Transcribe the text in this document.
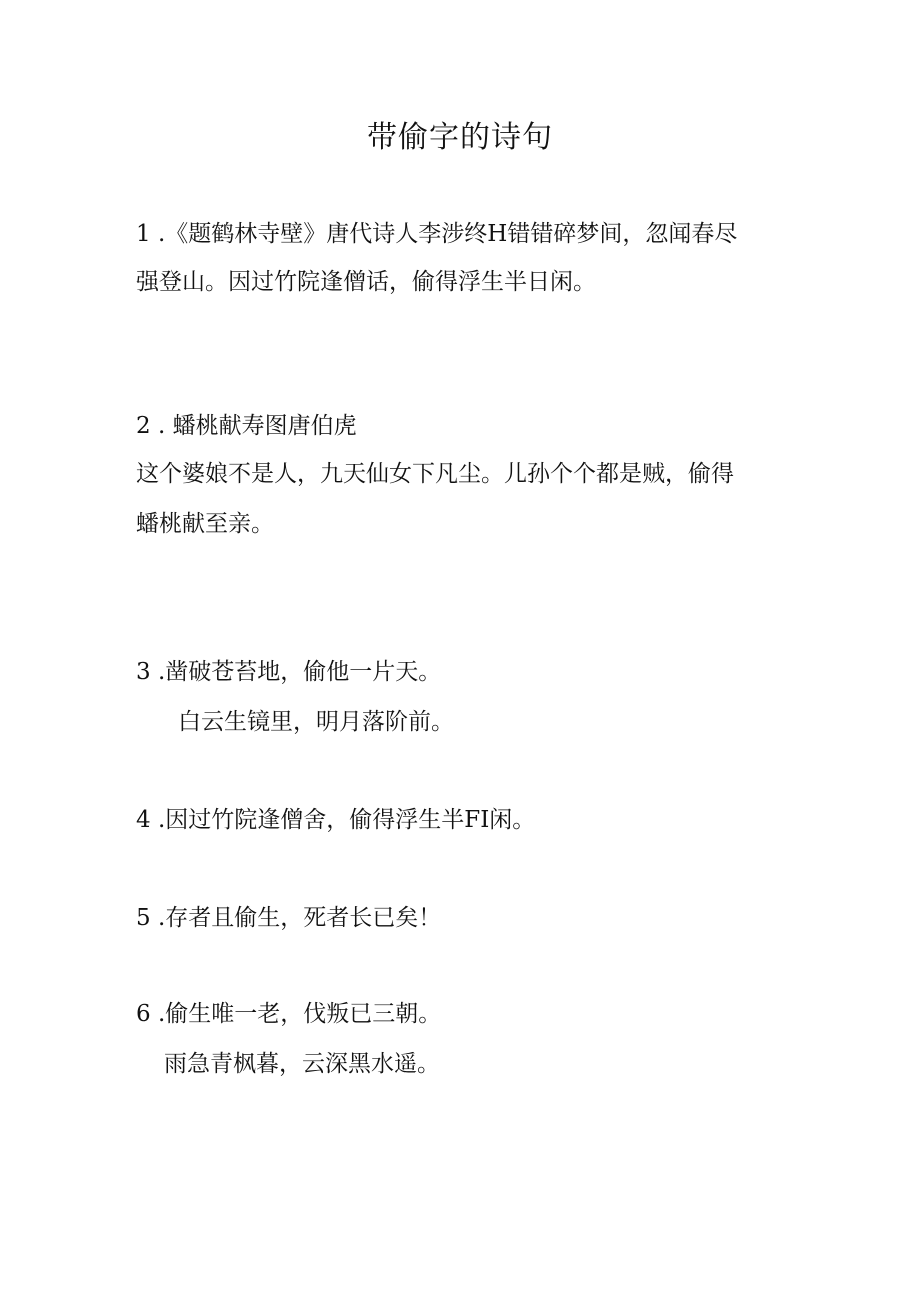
带偷字的诗句
1 .《题鹤林寺壁》唐代诗人李涉终H错错碎梦间，忽闻春尽
强登山。因过竹院逢僧话，偷得浮生半日闲。
2 . 蟠桃献寿图唐伯虎
这个婆娘不是人，九天仙女下凡尘。儿孙个个都是贼，偷得
蟠桃献至亲。
3 .凿破苍苔地，偷他一片天。
白云生镜里，明月落阶前。
4 .因过竹院逢僧舍，偷得浮生半FI闲。
5 .存者且偷生，死者长已矣！
6 .偷生唯一老，伐叛已三朝。
雨急青枫暮，云深黑水遥。
